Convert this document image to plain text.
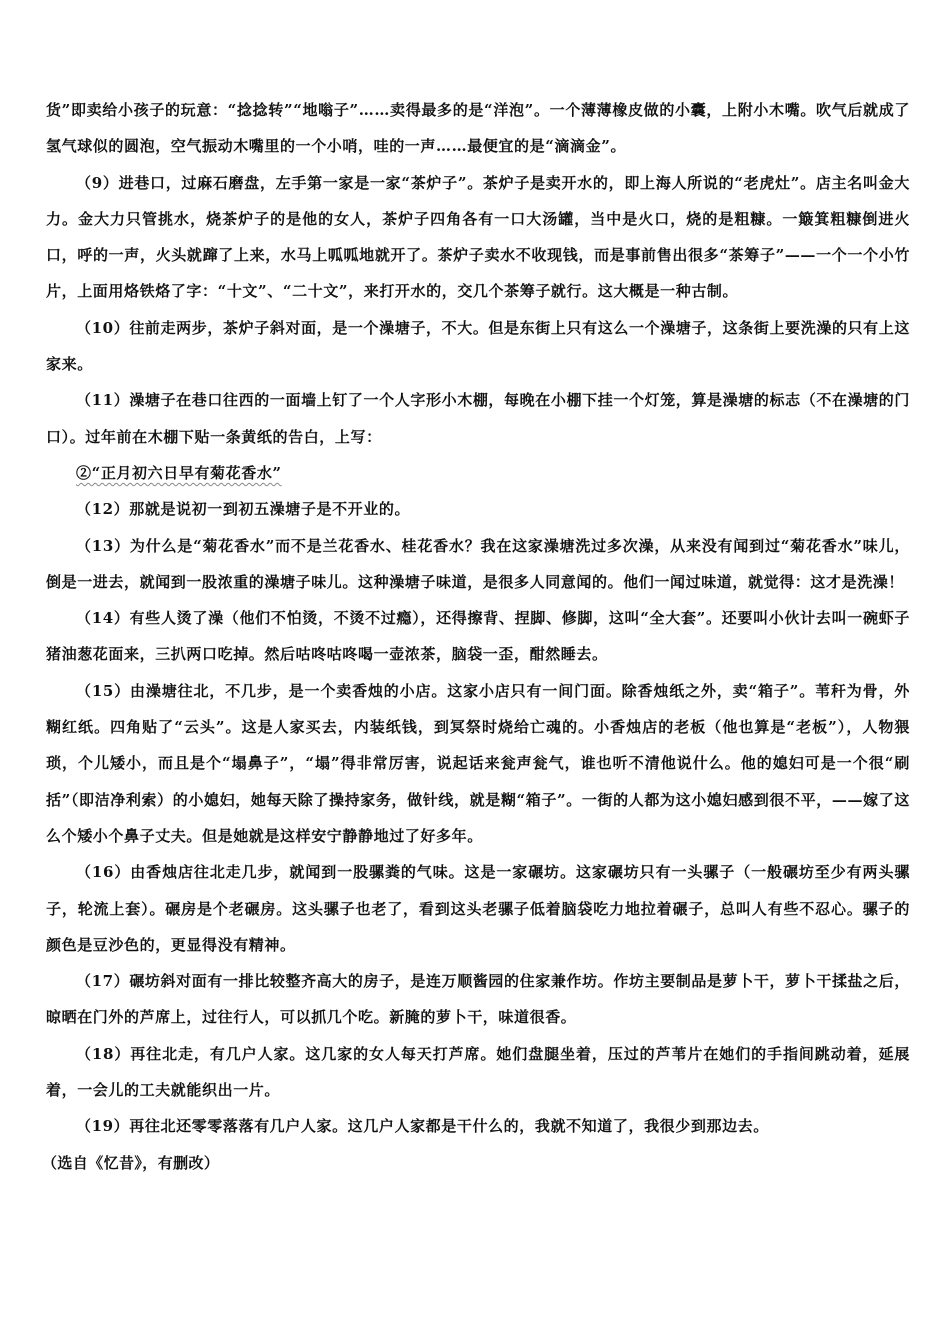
货”即卖给小孩子的玩意：“捻捻转”“地嗡子”……卖得最多的是“洋泡”。一个薄薄橡皮做的小囊，上附小木嘴。吹气后就成了氢气球似的圆泡，空气振动木嘴里的一个小哨，哇的一声……最便宜的是“滴滴金”。

（9）进巷口，过麻石磨盘，左手第一家是一家“茶炉子”。茶炉子是卖开水的，即上海人所说的“老虎灶”。店主名叫金大力。金大力只管挑水，烧茶炉子的是他的女人，茶炉子四角各有一口大汤罐，当中是火口，烧的是粗糠。一簸箕粗糠倒进火口，呼的一声，火头就蹿了上来，水马上呱呱地就开了。茶炉子卖水不收现钱，而是事前售出很多“茶筹子”——一个一个小竹片，上面用烙铁烙了字：“十文”、“二十文”，来打开水的，交几个茶筹子就行。这大概是一种古制。

（10）往前走两步，茶炉子斜对面，是一个澡塘子，不大。但是东街上只有这么一个澡塘子，这条街上要洗澡的只有上这家来。

（11）澡塘子在巷口往西的一面墙上钉了一个人字形小木棚，每晚在小棚下挂一个灯笼，算是澡塘的标志（不在澡塘的门口）。过年前在木棚下贴一条黄纸的告白，上写：

②“正月初六日早有菊花香水”

（12）那就是说初一到初五澡塘子是不开业的。

（13）为什么是“菊花香水”而不是兰花香水、桂花香水？我在这家澡塘洗过多次澡，从来没有闻到过“菊花香水”味儿，倒是一进去，就闻到一股浓重的澡塘子味儿。这种澡塘子味道，是很多人同意闻的。他们一闻过味道，就觉得：这才是洗澡！

（14）有些人烫了澡（他们不怕烫，不烫不过瘾），还得擦背、捏脚、修脚，这叫“全大套”。还要叫小伙计去叫一碗虾子猪油葱花面来，三扒两口吃掉。然后咕咚咕咚喝一壶浓茶，脑袋一歪，酣然睡去。

（15）由澡塘往北，不几步，是一个卖香烛的小店。这家小店只有一间门面。除香烛纸之外，卖“箱子”。苇秆为骨，外糊红纸。四角贴了“云头”。这是人家买去，内装纸钱，到冥祭时烧给亡魂的。小香烛店的老板（他也算是“老板”），人物猥琐，个儿矮小，而且是个“塌鼻子”，“塌”得非常厉害，说起话来瓮声瓮气，谁也听不清他说什么。他的媳妇可是一个很“刷括”（即洁净利索）的小媳妇，她每天除了操持家务，做针线，就是糊“箱子”。一街的人都为这小媳妇感到很不平，——嫁了这么个矮小个鼻子丈夫。但是她就是这样安宁静静地过了好多年。

（16）由香烛店往北走几步，就闻到一股骡粪的气味。这是一家碾坊。这家碾坊只有一头骡子（一般碾坊至少有两头骡子，轮流上套）。碾房是个老碾房。这头骡子也老了，看到这头老骡子低着脑袋吃力地拉着碾子，总叫人有些不忍心。骡子的颜色是豆沙色的，更显得没有精神。

（17）碾坊斜对面有一排比较整齐高大的房子，是连万顺酱园的住家兼作坊。作坊主要制品是萝卜干，萝卜干揉盐之后，晾晒在门外的芦席上，过往行人，可以抓几个吃。新腌的萝卜干，味道很香。

（18）再往北走，有几户人家。这几家的女人每天打芦席。她们盘腿坐着，压过的芦苇片在她们的手指间跳动着，延展着，一会儿的工夫就能织出一片。

（19）再往北还零零落落有几户人家。这几户人家都是干什么的，我就不知道了，我很少到那边去。

（选自《忆昔》，有删改）
